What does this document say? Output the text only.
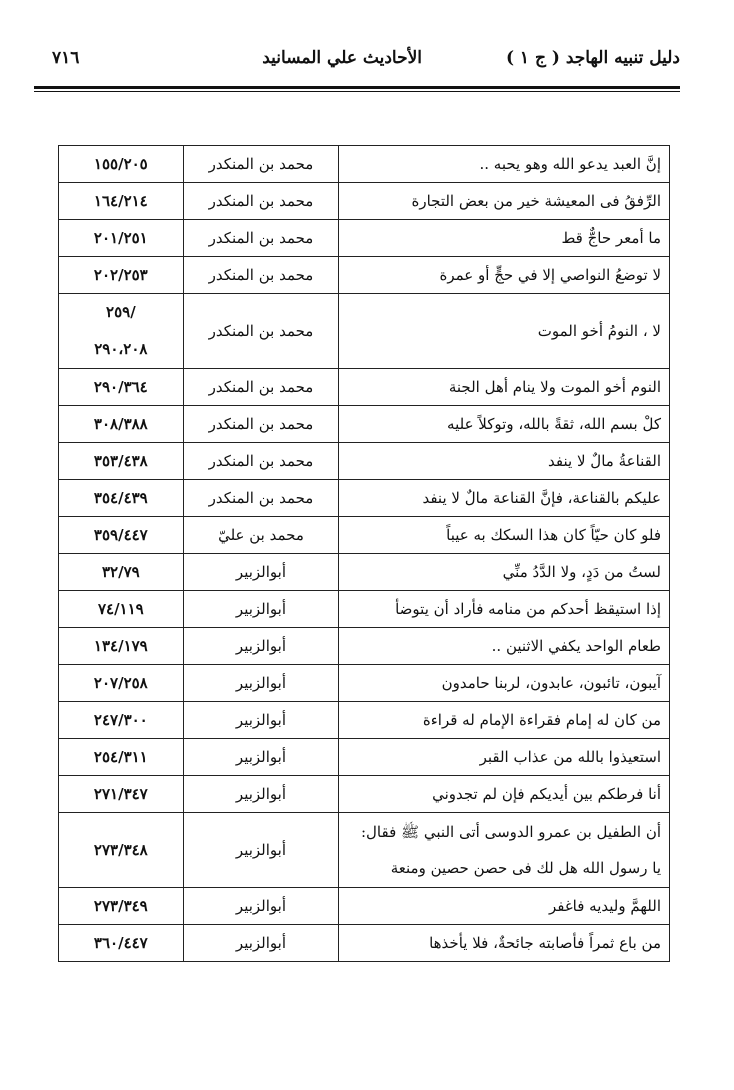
دليل تنبيه الهاجد ( ج ١ )
الأحاديث علي المسانيد
٧١٦
إنَّ العبد يدعو الله وهو يحبه ..	محمد بن المنكدر	١٥٥/٢٠٥
الرِّفقُ فى المعيشة خير من بعض التجارة	محمد بن المنكدر	١٦٤/٢١٤
ما أمعر حاجٌّ قط	محمد بن المنكدر	٢٠١/٢٥١
لا توضعُ النواصي إلا في حجٍّ أو عمرة	محمد بن المنكدر	٢٠٢/٢٥٣
لا ، النومُ أخو الموت	محمد بن المنكدر	/٢٥٩
٢٩٠،٢٠٨

النوم أخو الموت ولا ينام أهل الجنة	محمد بن المنكدر	٢٩٠/٣٦٤
كلْ بسم الله، ثقةً بالله، وتوكلاً عليه	محمد بن المنكدر	٣٠٨/٣٨٨
القناعةُ مالٌ لا ينفد	محمد بن المنكدر	٣٥٣/٤٣٨
عليكم بالقناعة، فإنَّ القناعة مالٌ لا ينفد	محمد بن المنكدر	٣٥٤/٤٣٩
فلو كان حيّاً كان هذا السكك به عيباً	محمد بن عليّ	٣٥٩/٤٤٧
لستُ من دَدٍ، ولا الدَّدُ منِّي	أبوالزبير	٣٢/٧٩
إذا استيقظ أحدكم من منامه فأراد أن يتوضأ	أبوالزبير	٧٤/١١٩
طعام الواحد يكفي الاثنين ..	أبوالزبير	١٣٤/١٧٩
آيبون، تائبون، عابدون، لربنا حامدون	أبوالزبير	٢٠٧/٢٥٨
من كان له إمام فقراءة الإمام له قراءة	أبوالزبير	٢٤٧/٣٠٠
استعيذوا بالله من عذاب القبر	أبوالزبير	٢٥٤/٣١١
أنا فرطكم بين أيديكم فإن لم تجدوني	أبوالزبير	٢٧١/٣٤٧

أن الطفيل بن عمرو الدوسى أتى النبي ﷺ فقال:
يا رسول الله هل لك فى حصن حصين ومنعة	أبوالزبير	٢٧٣/٣٤٨
اللهمَّ وليديه فاغفر	أبوالزبير	٢٧٣/٣٤٩
من باع ثمراً فأصابته جائحةٌ، فلا يأخذها	أبوالزبير	٣٦٠/٤٤٧
